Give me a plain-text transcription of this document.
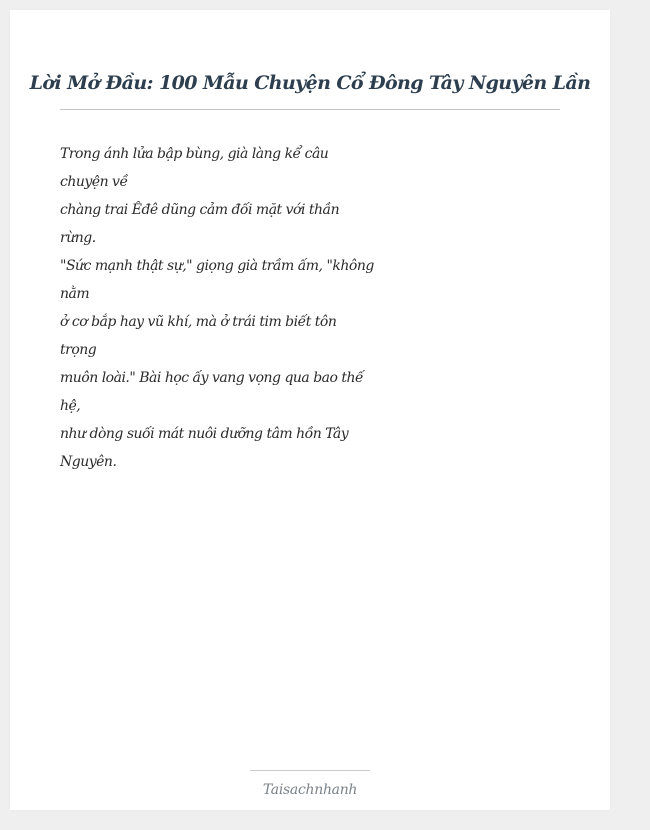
Lời Mở Đầu: 100 Mẫu Chuyện Cổ Đông Tây Nguyên Lần
Trong ánh lửa bập bùng, già làng kể câu
chuyện về
chàng trai Êđê dũng cảm đối mặt với thần
rừng.
"Sức mạnh thật sự," giọng già trầm ấm, "không
nằm
ở cơ bắp hay vũ khí, mà ở trái tim biết tôn
trọng
muôn loài." Bài học ấy vang vọng qua bao thế
hệ,
như dòng suối mát nuôi dưỡng tâm hồn Tây
Nguyên.
Taisachnhanh
